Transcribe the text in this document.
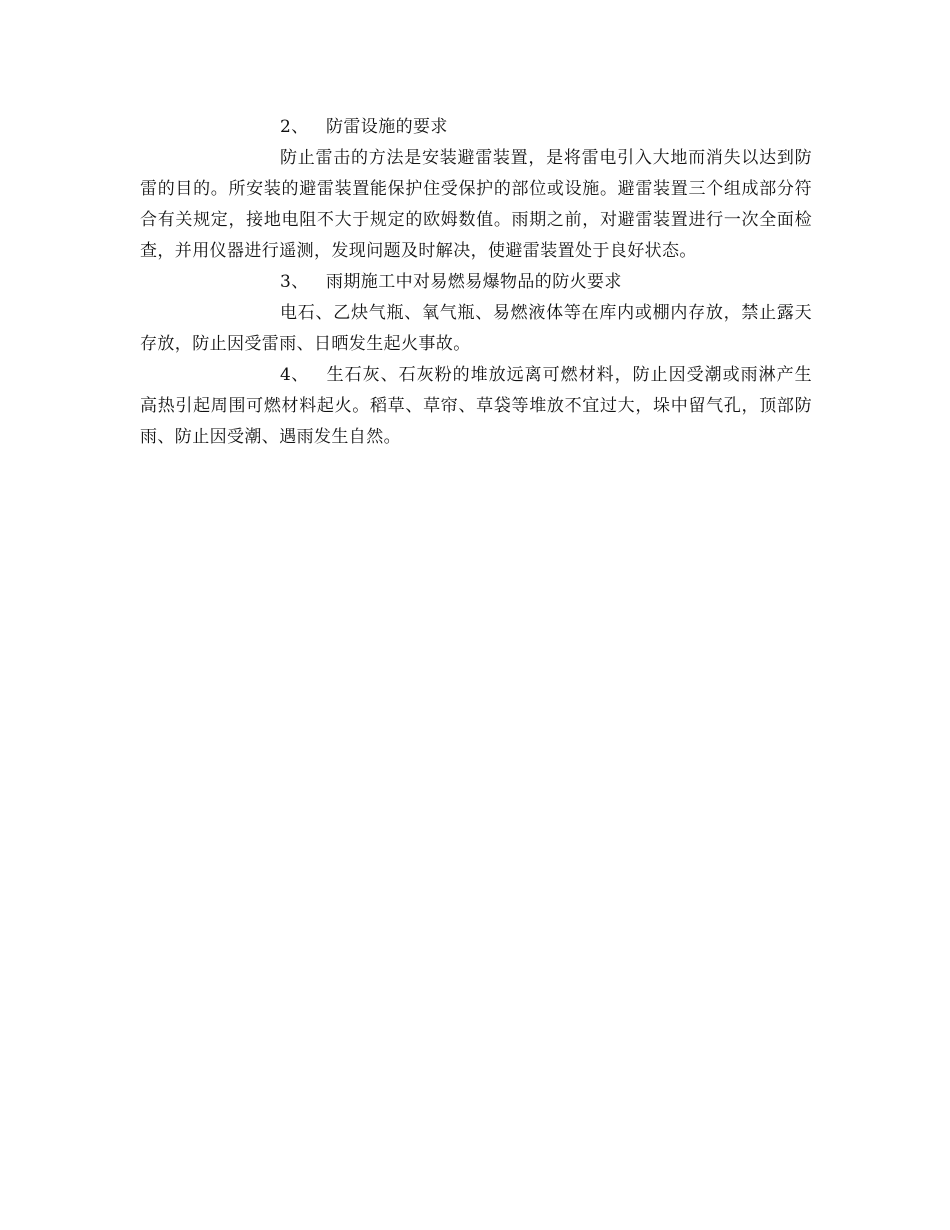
2、 防雷设施的要求

防止雷击的方法是安装避雷装置，是将雷电引入大地而消失以达到防雷的目的。所安装的避雷装置能保护住受保护的部位或设施。避雷装置三个组成部分符合有关规定，接地电阻不大于规定的欧姆数值。雨期之前，对避雷装置进行一次全面检查，并用仪器进行遥测，发现问题及时解决，使避雷装置处于良好状态。

3、 雨期施工中对易燃易爆物品的防火要求

电石、乙炔气瓶、氧气瓶、易燃液体等在库内或棚内存放，禁止露天存放，防止因受雷雨、日晒发生起火事故。

4、 生石灰、石灰粉的堆放远离可燃材料，防止因受潮或雨淋产生高热引起周围可燃材料起火。稻草、草帘、草袋等堆放不宜过大，垛中留气孔，顶部防雨、防止因受潮、遇雨发生自然。
